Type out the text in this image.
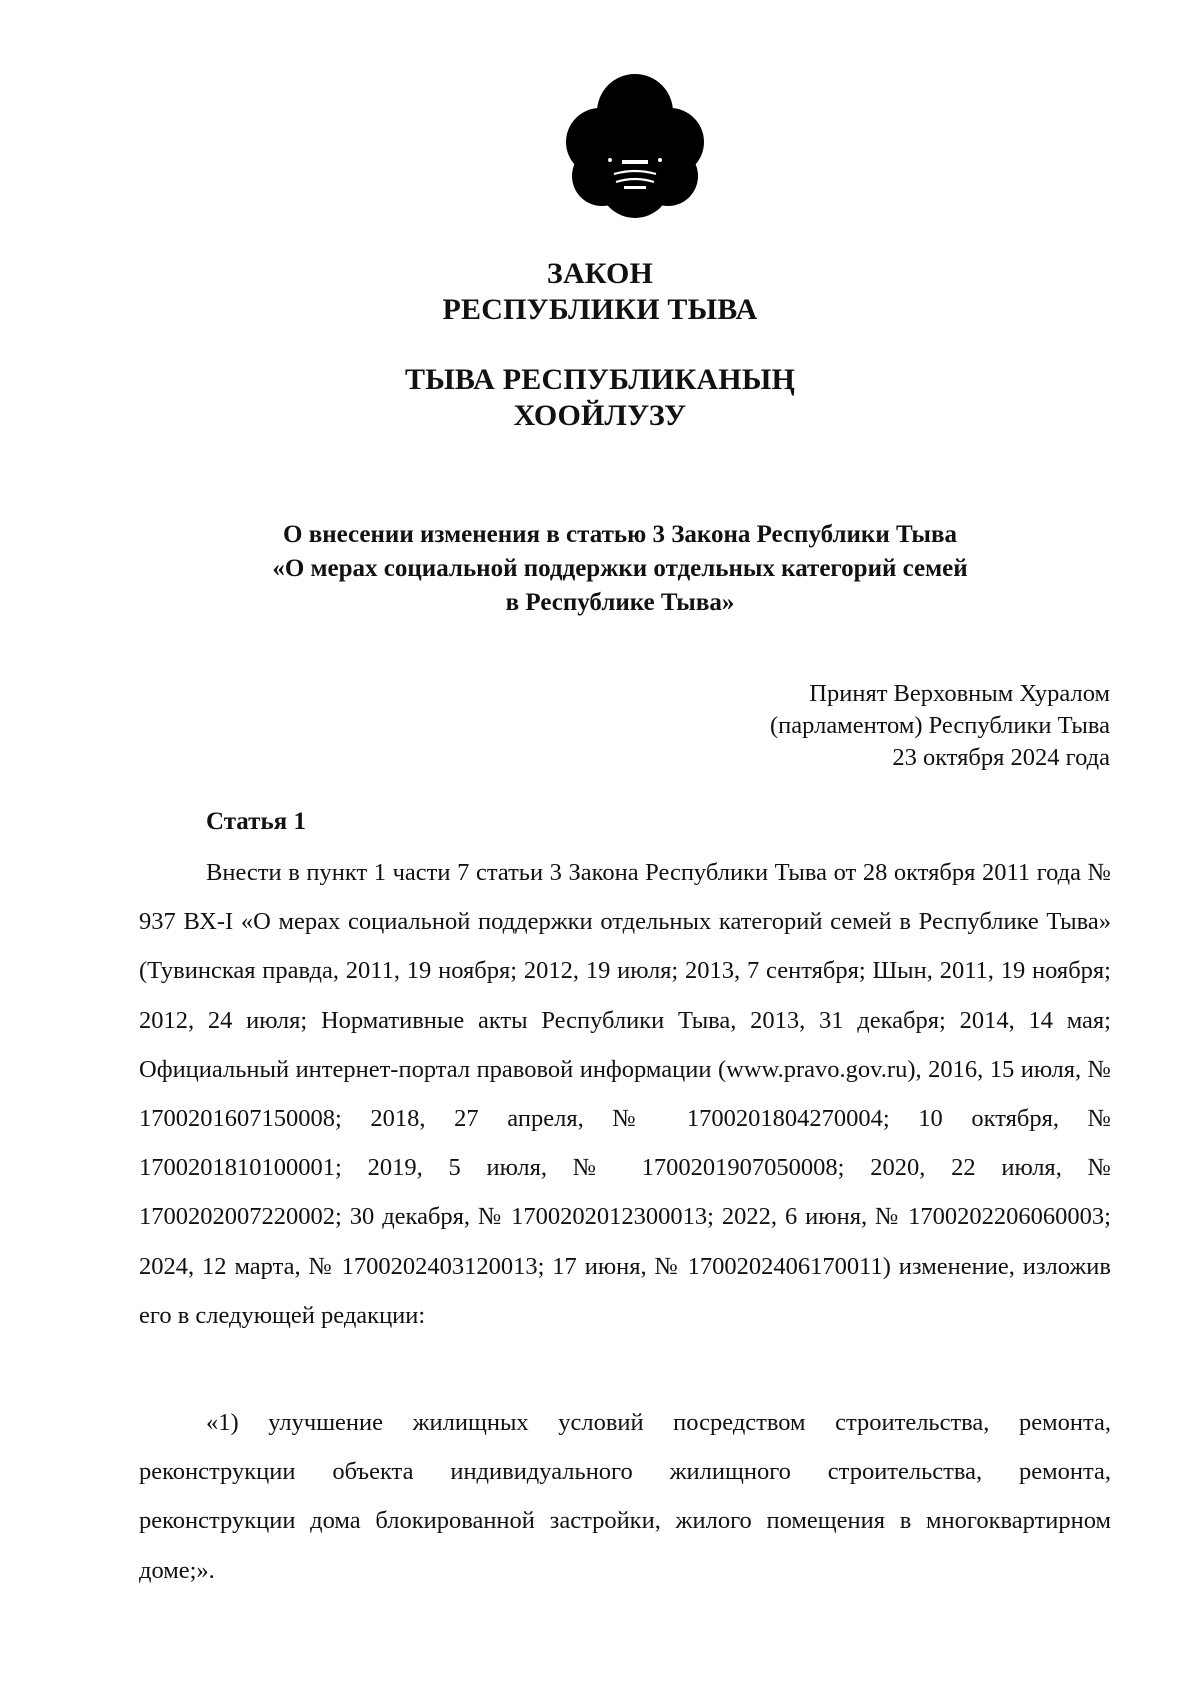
ЗАКОН
РЕСПУБЛИКИ ТЫВА
ТЫВА РЕСПУБЛИКАНЫҢ
ХООЙЛУЗУ
О внесении изменения в статью 3 Закона Республики Тыва
«О мерах социальной поддержки отдельных категорий семей
в Республике Тыва»
Принят Верховным Хуралом
(парламентом) Республики Тыва
23 октября 2024 года
Статья 1

Внести в пункт 1 части 7 статьи 3 Закона Республики Тыва от 28 октября 2011 года № 937 ВХ-I «О мерах социальной поддержки отдельных категорий семей в Республике Тыва» (Тувинская правда, 2011, 19 ноября; 2012, 19 июля; 2013, 7 сентября; Шын, 2011, 19 ноября; 2012, 24 июля; Нормативные акты Республики Тыва, 2013, 31 декабря; 2014, 14 мая; Официальный интернет-портал правовой информации (www.pravo.gov.ru), 2016, 15 июля, № 1700201607150008; 2018, 27 апреля, № 1700201804270004; 10 октября, № 1700201810100001; 2019, 5 июля, № 1700201907050008; 2020, 22 июля, № 1700202007220002; 30 декабря, № 1700202012300013; 2022, 6 июня, № 1700202206060003; 2024, 12 марта, № 1700202403120013; 17 июня, № 1700202406170011) изменение, изложив его в следующей редакции:

«1) улучшение жилищных условий посредством строительства, ремонта, реконструкции объекта индивидуального жилищного строительства, ремонта, реконструкции дома блокированной застройки, жилого помещения в многоквартирном доме;».
